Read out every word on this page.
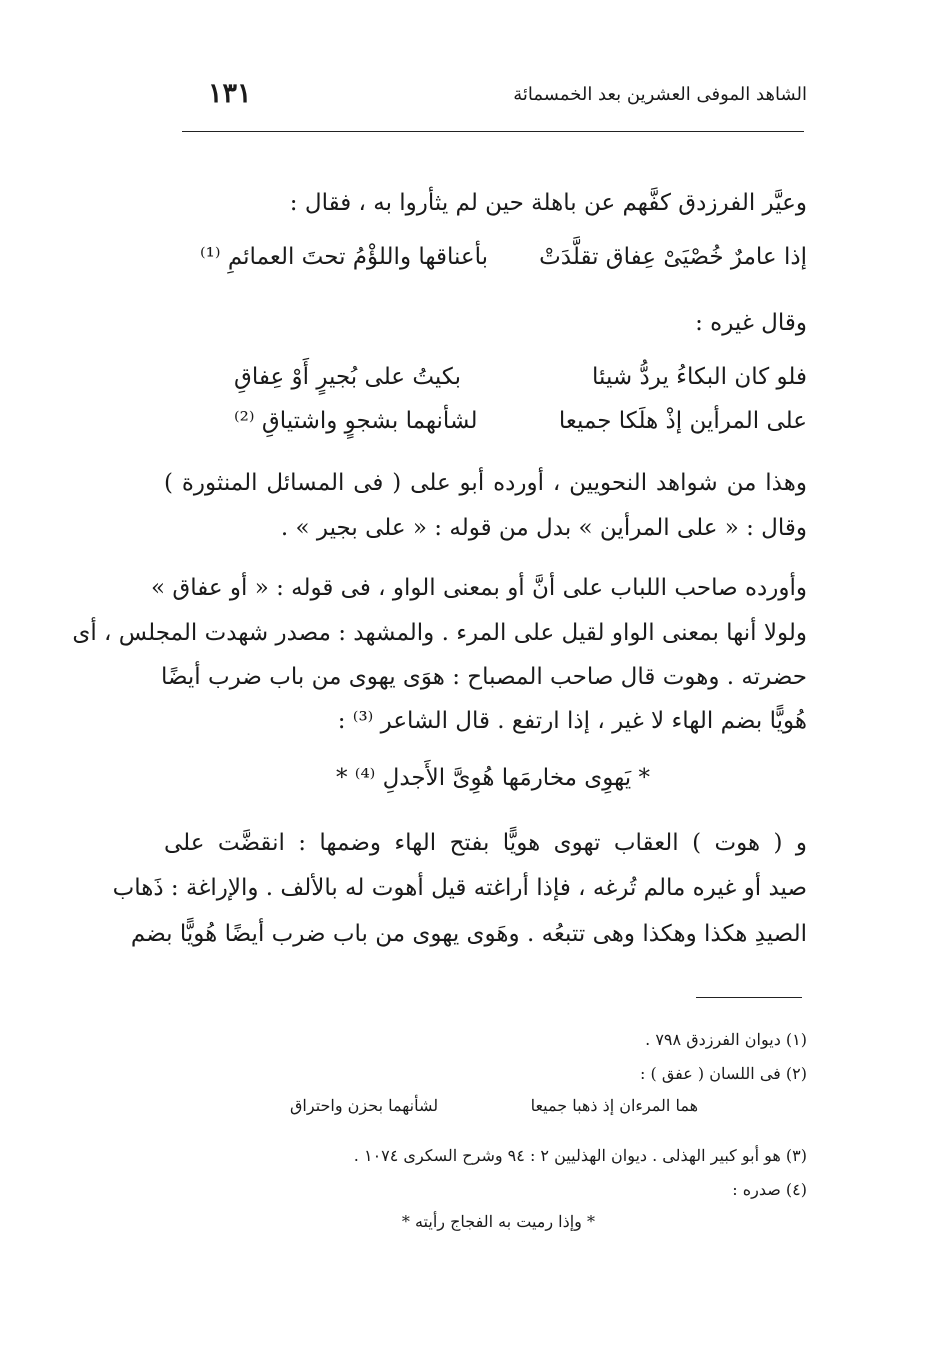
الشاهد الموفى العشرين بعد الخمسمائة
١٣١
وعيَّر الفرزدق كفَّهم عن باهلة حين لم يثأروا به ، فقال :
إذا عامرٌ خُصْيَىْ عِفاق تقلَّدَتْ
بأعناقها واللؤْمُ تحتَ العمائمِ ⁽¹⁾
وقال غيره :
فلو كان البكاءُ يردُّ شيئا
بكيتُ على بُجيرٍ أَوْ عِفاقِ
على المرأين إذْ هلَكا جميعا
لشأنهما بشجوٍ واشتياقِ ⁽²⁾
وهذا من شواهد النحويين ، أورده أبو على ( فى المسائل المنثورة )
وقال : « على المرأين » بدل من قوله : « على بجير » .
وأورده صاحب اللباب على أنَّ أو بمعنى الواو ، فى قوله : « أو عفاق »
ولولا أنها بمعنى الواو لقيل على المرء . والمشهد : مصدر شهدت المجلس ، أى
حضرته . وهوت قال صاحب المصباح : هوَى يهوى من باب ضرب أيضًا
هُويًّا بضم الهاء لا غير ، إذا ارتفع . قال الشاعر ⁽³⁾ :
* يَهوِى مخارمَها هُوِىَّ الأَجدلِ ⁽⁴⁾ *
و ( هوت ) العقاب تهوى هويًّا بفتح الهاء وضمها : انقضَّت على
صيد أو غيره مالم تُرغه ، فإذا أراغته قيل أهوت له بالألف . والإراغة : ذَهاب
الصيدِ هكذا وهكذا وهى تتبعُه . وهَوى يهوى من باب ضرب أيضًا هُويًّا بضم
(١) ديوان الفرزدق ٧٩٨ .
(٢) فى اللسان ( عفق ) :
هما المرءان إذ ذهبا جميعا
لشأنهما بحزن واحتراق
(٣) هو أبو كبير الهذلى . ديوان الهذليين ٢ : ٩٤ وشرح السكرى ١٠٧٤ .
(٤) صدره :
* وإذا رميت به الفجاج رأيته *
